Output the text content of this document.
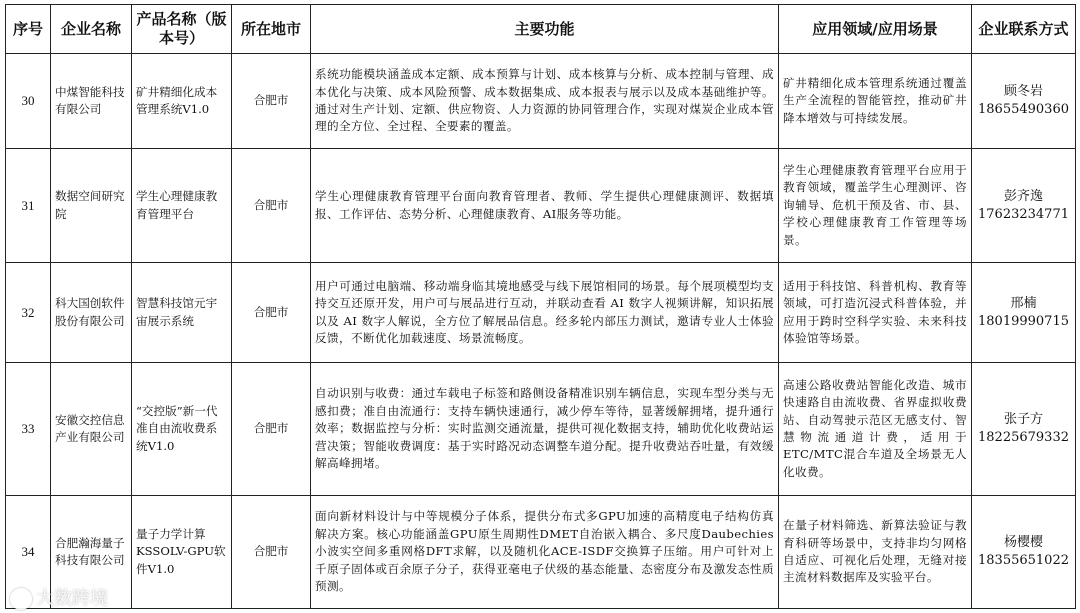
序号	企业名称	产品名称（版本号）	所在地市	主要功能	应用领域/应用场景	企业联系方式
30	中煤智能科技有限公司	矿井精细化成本管理系统V1.0	合肥市	系统功能模块涵盖成本定额、成本预算与计划、成本核算与分析、成本控制与管理、成本优化与决策、成本风险预警、成本数据集成、成本报表与展示以及成本基础维护等。通过对生产计划、定额、供应物资、人力资源的协同管理合作，实现对煤炭企业成本管理的全方位、全过程、全要素的覆盖。	矿井精细化成本管理系统通过覆盖生产全流程的智能管控，推动矿井降本增效与可持续发展。	顾冬岩
18655490360

31	数据空间研究院	学生心理健康教育管理平台	合肥市	学生心理健康教育管理平台面向教育管理者、教师、学生提供心理健康测评、数据填报、工作评估、态势分析、心理健康教育、AI服务等功能。	学生心理健康教育管理平台应用于教育领域，覆盖学生心理测评、咨询辅导、危机干预及省、市、县、学校心理健康教育工作管理等场景。	彭齐逸
17623234771

32	科大国创软件股份有限公司	智慧科技馆元宇宙展示系统	合肥市	用户可通过电脑端、移动端身临其境地感受与线下展馆相同的场景。每个展项模型均支持交互还原开发，用户可与展品进行互动，并联动查看 AI 数字人视频讲解，知识拓展以及 AI 数字人解说，全方位了解展品信息。经多轮内部压力测试，邀请专业人士体验反馈，不断优化加载速度、场景流畅度。	适用于科技馆、科普机构、教育等领域，可打造沉浸式科普体验，并应用于跨时空科学实验、未来科技体验馆等场景。	邢楠
18019990715

33	安徽交控信息产业有限公司	“交控版”新一代准自由流收费系统V1.0	合肥市	自动识别与收费：通过车载电子标签和路侧设备精准识别车辆信息，实现车型分类与无感扣费；准自由流通行：支持车辆快速通行，减少停车等待，显著缓解拥堵，提升通行效率；数据监控与分析：实时监测交通流量，提供可视化数据支持，辅助优化收费站运营决策；智能收费调度：基于实时路况动态调整车道分配。提升收费站吞吐量，有效缓解高峰拥堵。	高速公路收费站智能化改造、城市快速路自由流收费、省界虚拟收费站、自动驾驶示范区无感支付、智慧物流通道计费，适用于ETC/MTC混合车道及全场景无人化收费。	张子方
18225679332

34	合肥瀚海量子科技有限公司	量子力学计算KSSOLV-GPU软件V1.0	合肥市	面向新材料设计与中等规模分子体系，提供分布式多GPU加速的高精度电子结构仿真解决方案。核心功能涵盖GPU原生周期性DMET自治嵌入耦合、多尺度Daubechies小波实空间多重网格DFT求解，以及随机化ACE-ISDF交换算子压缩。用户可针对上千原子固体或百余原子分子，获得亚毫电子伏级的基态能量、态密度分布及激发态性质预测。	在量子材料筛选、新算法验证与教育科研等场景中，支持非均匀网格自适应、可视化后处理，无缝对接主流材料数据库及实验平台。	杨樱樱
18355651022
大数跨境
